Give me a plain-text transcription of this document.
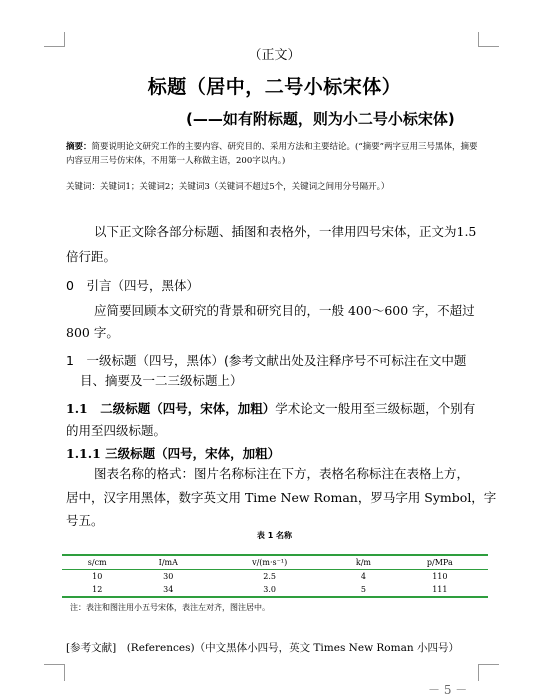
（正文）
标题（居中，二号小标宋体）
(——如有附标题，则为小二号小标宋体)
摘要：简要说明论文研究工作的主要内容、研究目的、采用方法和主要结论。(“摘要”两字豆用三号黑体，摘要内容豆用三号仿宋体，不用第一人称做主语，200字以内。)
关键词：关键词1；关键词2；关键词3（关键词不超过5个，关键词之间用分号隔开。）
以下正文除各部分标题、插图和表格外，一律用四号宋体，正文为1.5
倍行距。
0　引言（四号，黑体）
应简要回顾本文研究的背景和研究目的，一般 400～600 字，不超过
800 字。
1　一级标题（四号，黑体）(参考文献出处及注释序号不可标注在文中题
目、摘要及一二三级标题上）
1.1　二级标题（四号，宋体，加粗）学术论文一般用至三级标题，个别有
的用至四级标题。
1.1.1 三级标题（四号，宋体，加粗）
图表名称的格式：图片名称标注在下方，表格名称标注在表格上方，
居中，汉字用黑体，数字英文用 Time New Roman，罗马字用 Symbol，字
号五。
表 1 名称
s/cm	I/mA	v/(m·s⁻¹)	k/m	p/MPa
10	30	2.5	4	110
12	34	3.0	5	111
注：表注和图注用小五号宋体，表注左对齐，图注居中。
[参考文献]　(References)（中文黑体小四号，英文 Times New Roman 小四号）
－ 5 －
